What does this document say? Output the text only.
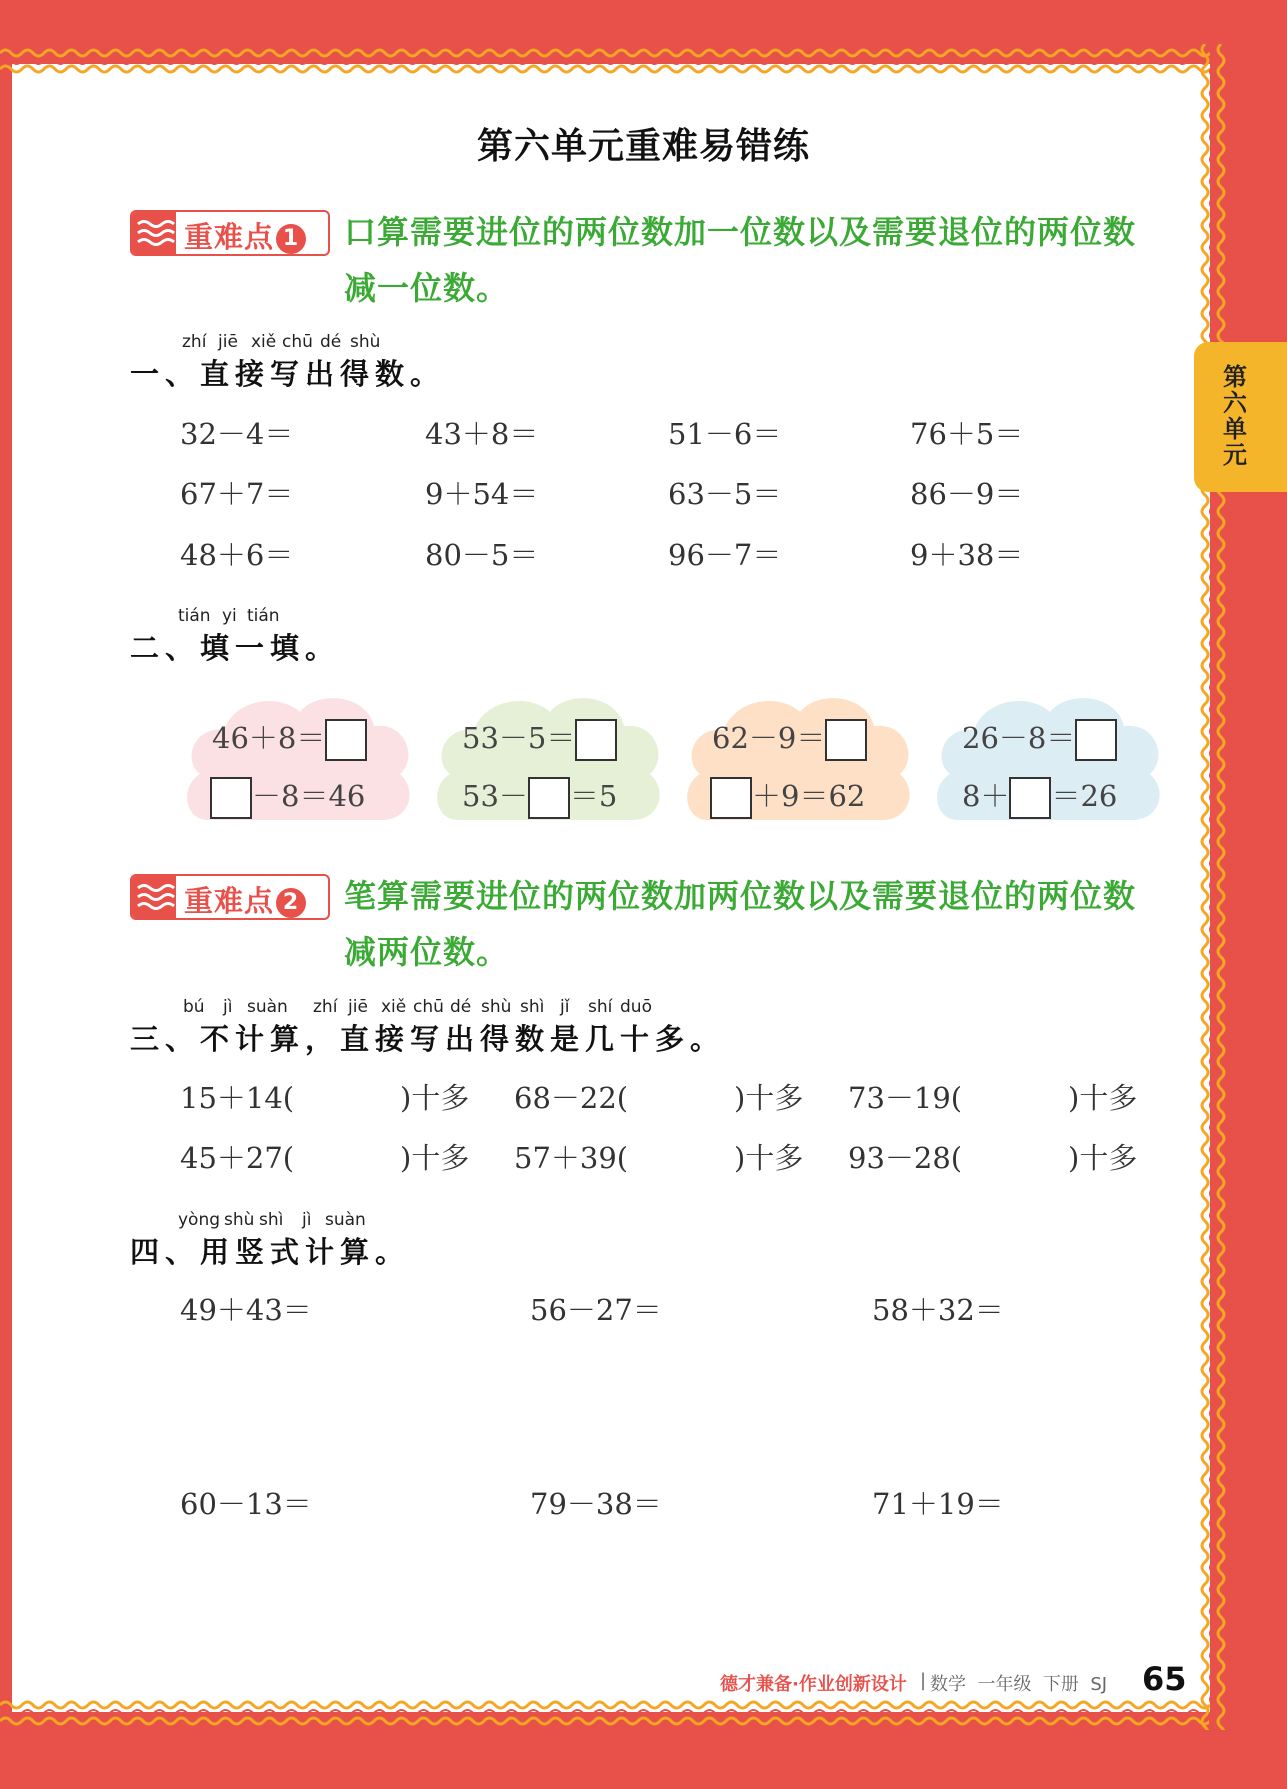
第六单元
第六单元重难易错练
重难点 1 口算需要进位的两位数加一位数以及需要退位的两位数
减一位数。
zhí jiē xiě chū dé shù
一、直接写出得数。
32－4＝	43＋8＝	51－6＝	76＋5＝
67＋7＝	9＋54＝	63－5＝	86－9＝
48＋6＝	80－5＝	96－7＝	9＋38＝
tián yi tián
二、填一填。
46＋8＝
－8＝46
53－5＝
53－ ＝5
62－9＝
＋9＝62
26－8＝
8＋ ＝26
重难点 2 笔算需要进位的两位数加两位数以及需要退位的两位数
减两位数。
bú jì suàn zhí jiē xiě chū dé shù shì jǐ shí duō
三、不计算，直接写出得数是几十多。
15＋14(	)十多 68－22(	)十多 73－19(	)十多
45＋27(	)十多 57＋39(	)十多 93－28(	)十多
yòng shù shì jì suàn
四、用竖式计算。
49＋43＝	56－27＝	58＋32＝
60－13＝	79－38＝	71＋19＝
德才兼备·作业创新设计 | 数学  一年级  下册  SJ 65
